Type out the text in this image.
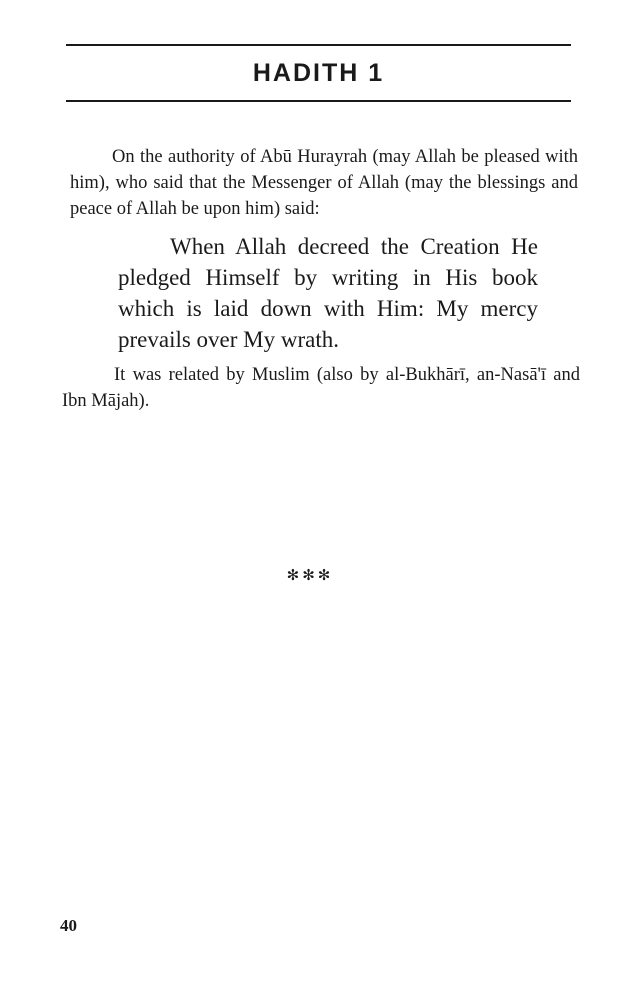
HADITH 1

On the authority of Abū Hurayrah (may Allah be pleased with him), who said that the Messenger of Allah (may the blessings and peace of Allah be upon him) said:

When Allah decreed the Creation He pledged Himself by writing in His book which is laid down with Him: My mercy prevails over My wrath.

It was related by Muslim (also by al-Bukhārī, an-Nasā'ī and Ibn Mājah).

✻✻✻
40
